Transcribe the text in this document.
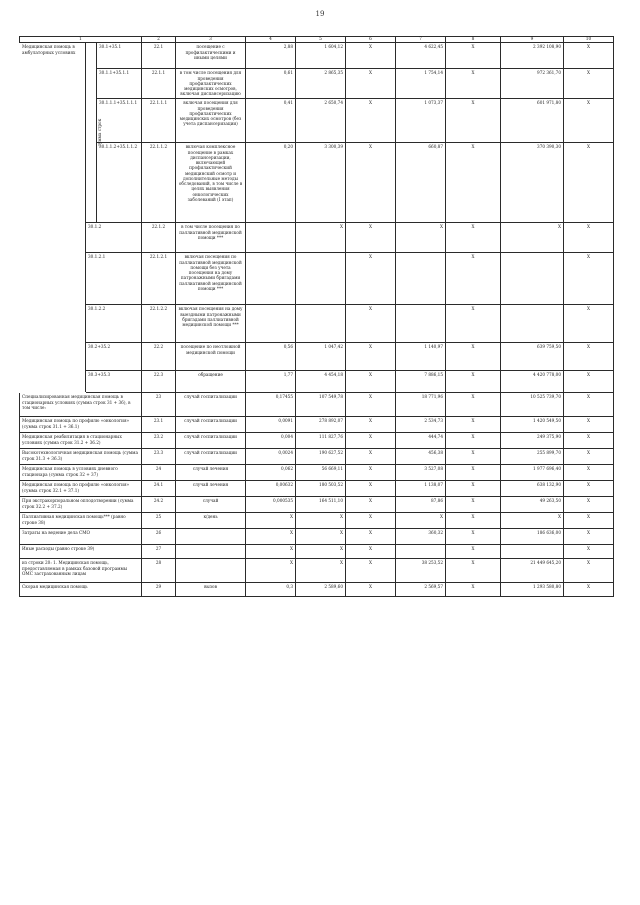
19
1			2	3	4	5	6	7	8	9	10
Медицинская помощь в амбулаторных условиях	сумма строк	30.1+35.1	22.1	посещение с профилактическими и иными целями	2,88	1 604,12	X	4 622,45	X	2 392 108,90	X
		30.1.1+35.1.1	22.1.1	в том числе посещения для проведения профилактических медицинских осмотров, включая диспансеризацию	0,61	2 865,35	X	1 754,14	X	972 361,70	X
		30.1.1.1+35.1.1.1	22.1.1.1	включая посещения для проведения профилактических медицинских осмотров (без учета диспансеризации)	0,41	2 650,74	X	1 073,37	X	601 971,80	X
		30.1.1.2+35.1.1.2	22.1.1.2	включая комплексное посещение в рамках диспансеризации, включающей профилактический медицинский осмотр и дополнительные методы обследований, в том числе в целях выявления онкологических заболеваний (I этап)	0,20	3 300,39	X	660,87	X	370 390,30	X
	30.1.2		22.1.2	в том числе посещения по паллиативной медицинской помощи ***		X	X	X	X	X	X
	30.1.2.1		22.1.2.1	включая посещения по паллиативной медицинской помощи без учета посещения на дому патронажными бригадами паллиативной медицинской помощи ***			X		X		X
	30.1.2.2		22.1.2.2	включая посещения на дому выездными патронажными бригадами паллиативной медицинской помощи ***			X		X		X
	30.2+35.2		22.2	посещение по неотложной медицинской помощи	0,56	1 047,42	X	1 140,97	X	639 759,50	X
	30.3+35.3		22.3	обращение	1,77	4 454,18	X	7 886,15	X	4 420 778,00	X
Специализированная медицинская помощь в стационарных условиях (сумма строк 31 + 36), в том числе:			23	случай госпитализации	0,17455	107 549,78	X	18 771,96	X	10 525 739,70	X
Медицинская помощь по профилю «онкология» (сумма строк 31.1 + 36.1)			23.1	случай госпитализации	0,0091	278 892,07	X	2 534,73	X	1 420 549,50	X
Медицинская реабилитация в стационарных условиях (сумма строк 31.2 + 36.2)			23.2	случай госпитализации	0,004	111 827,76	X	444,74	X	249 375,90	X
Высокотехнологичная медицинская помощь (сумма строк 31.3 + 36.3)			23.3	случай госпитализации	0,0024	190 627,52	X	456,38	X	255 899,70	X
Медицинская помощь в условиях дневного стационара (сумма строк 32 + 37)			24	случай лечения	0,062	56 669,11	X	3 527,08	X	1 977 696,40	X
Медицинская помощь по профилю «онкология» (сумма строк 32.1 + 37.1)			24.1	случай лечения	0,00632	180 503,52	X	1 138,07	X	638 132,90	X
При экстракорпоральном оплодотворении (сумма строк 32.2 + 37.2)			24.2	случай	0,000535	164 511,10	X	87,86	X	49 263,50	X
Паллиативная медицинская помощь*** (равно строке 38)			25	к/день	X	X	X	X	X	X	X
Затраты на ведение дела СМО			26		X	X	X	360,32	X	186 636,00	X
Иные расходы (равно строке 39)			27		X	X	X		X		X
из строки 20: 1. Медицинская помощь, предоставляемая в рамках базовой программы ОМС застрахованным лицам			28		X	X	X	38 253,52	X	21 449 645,20	X
Скорая медицинская помощь			29	вызов	0,3	2 589,60	X	2 569,57	X	1 293 580,80	X
